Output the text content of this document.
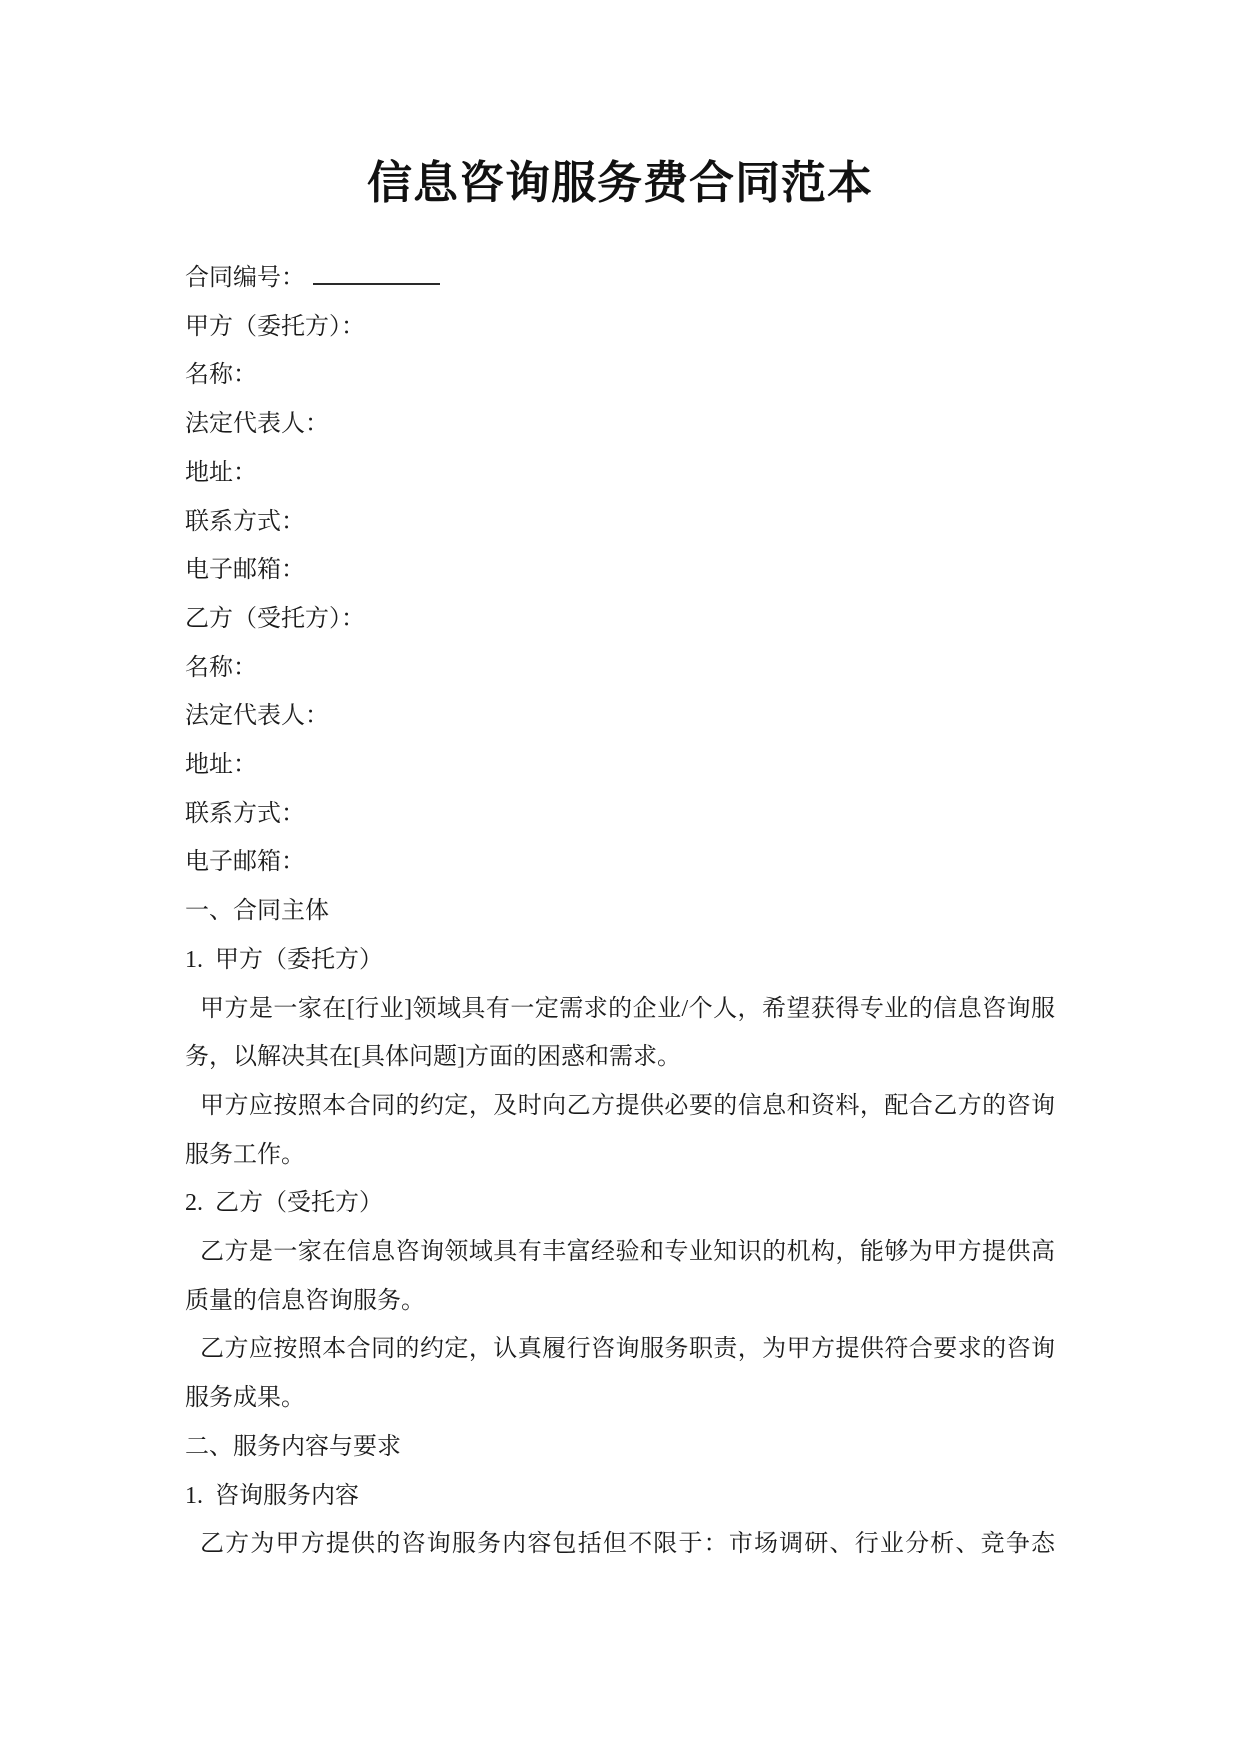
信息咨询服务费合同范本
合同编号：
甲方（委托方）：
名称：
法定代表人：
地址：
联系方式：
电子邮箱：
乙方（受托方）：
名称：
法定代表人：
地址：
联系方式：
电子邮箱：
一、合同主体
1.  甲方（委托方）
甲方是一家在[行业]领域具有一定需求的企业/个人，希望获得专业的信息咨询服务，以解决其在[具体问题]方面的困惑和需求。
甲方应按照本合同的约定，及时向乙方提供必要的信息和资料，配合乙方的咨询服务工作。
2.  乙方（受托方）
乙方是一家在信息咨询领域具有丰富经验和专业知识的机构，能够为甲方提供高质量的信息咨询服务。
乙方应按照本合同的约定，认真履行咨询服务职责，为甲方提供符合要求的咨询服务成果。
二、服务内容与要求
1.  咨询服务内容
乙方为甲方提供的咨询服务内容包括但不限于：市场调研、行业分析、竞争态
